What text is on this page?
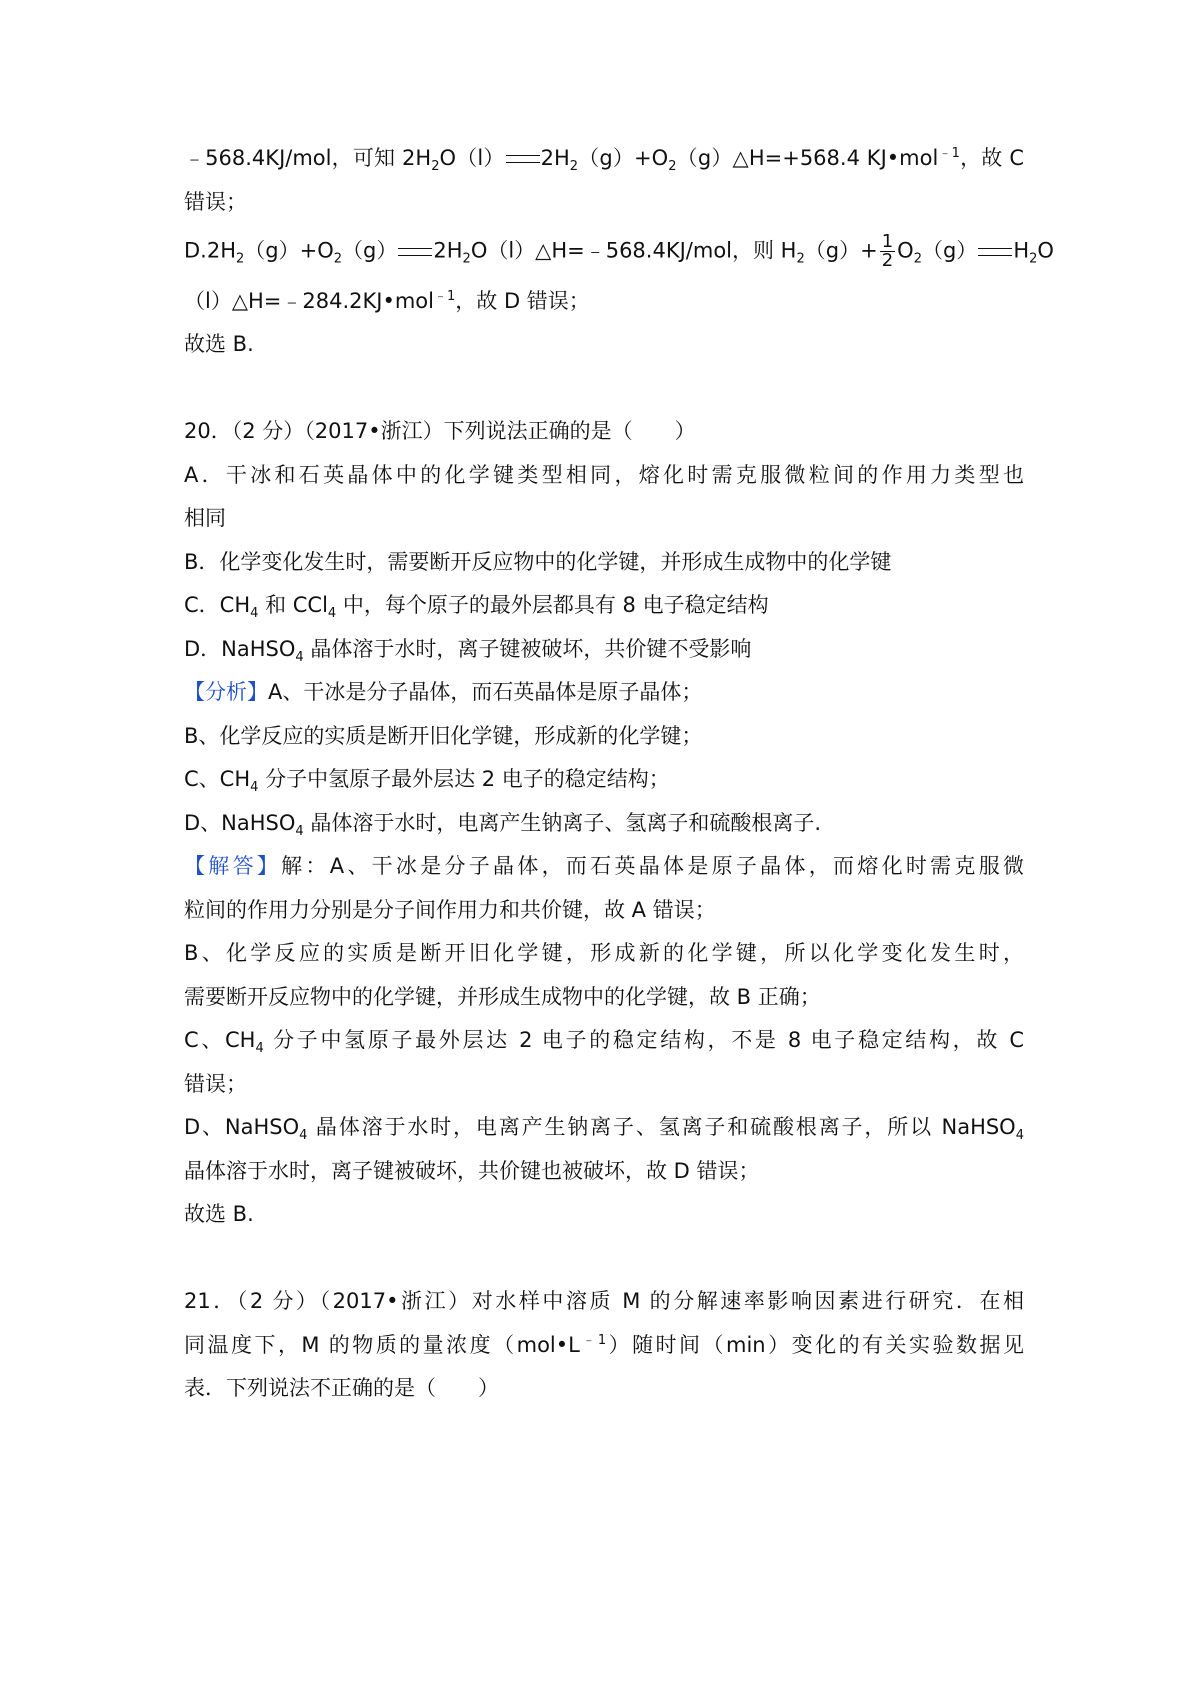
﹣568.4KJ/mol，可知 $2H_2O(l)$ $2H_2(g)+O_2(g)\triangle H=+568.4$ KJ•mol$^{﹣1}$，故 C
错误；
$D.2H_2(g)+O_2(g)$ $2H_2O(l)\triangle H=﹣568.4KJ$/mol，则 $H_2(g)+ \frac{1}{2} O_2(g)$ $H_2O$
（l）△H=﹣284.2KJ•mol$^{﹣1}$，故 D 错误；
故选 B.
20．（2 分）（2017•浙江）下列说法正确的是（　　）
A．干冰和石英晶体中的化学键类型相同，熔化时需克服微粒间的作用力类型也
相同
B．化学变化发生时，需要断开反应物中的化学键，并形成生成物中的化学键
C．$CH_4$ 和 CCl$_4$ 中，每个原子的最外层都具有 8 电子稳定结构
D．NaHSO$_4$ 晶体溶于水时，离子键被破坏，共价键不受影响
【分析】A、干冰是分子晶体，而石英晶体是原子晶体；
B、化学反应的实质是断开旧化学键，形成新的化学键；
C、$CH_4$ 分子中氢原子最外层达 2 电子的稳定结构；
D、NaHSO$_4$ 晶体溶于水时，电离产生钠离子、氢离子和硫酸根离子.
【解答】解：A、干冰是分子晶体，而石英晶体是原子晶体，而熔化时需克服微
粒间的作用力分别是分子间作用力和共价键，故 A 错误；
B、化学反应的实质是断开旧化学键，形成新的化学键，所以化学变化发生时，
需要断开反应物中的化学键，并形成生成物中的化学键，故 B 正确；
C、$CH_4$ 分子中氢原子最外层达 2 电子的稳定结构，不是 8 电子稳定结构，故 C
错误；
D、NaHSO$_4$ 晶体溶于水时，电离产生钠离子、氢离子和硫酸根离子，所以 NaHSO$_4$
晶体溶于水时，离子键被破坏，共价键也被破坏，故 D 错误；
故选 B.
21．（2 分）（2017•浙江）对水样中溶质 M 的分解速率影响因素进行研究．在相
同温度下，M 的物质的量浓度$(mol•L^{﹣1})$随时间（min）变化的有关实验数据见
表．下列说法不正确的是（　　）
